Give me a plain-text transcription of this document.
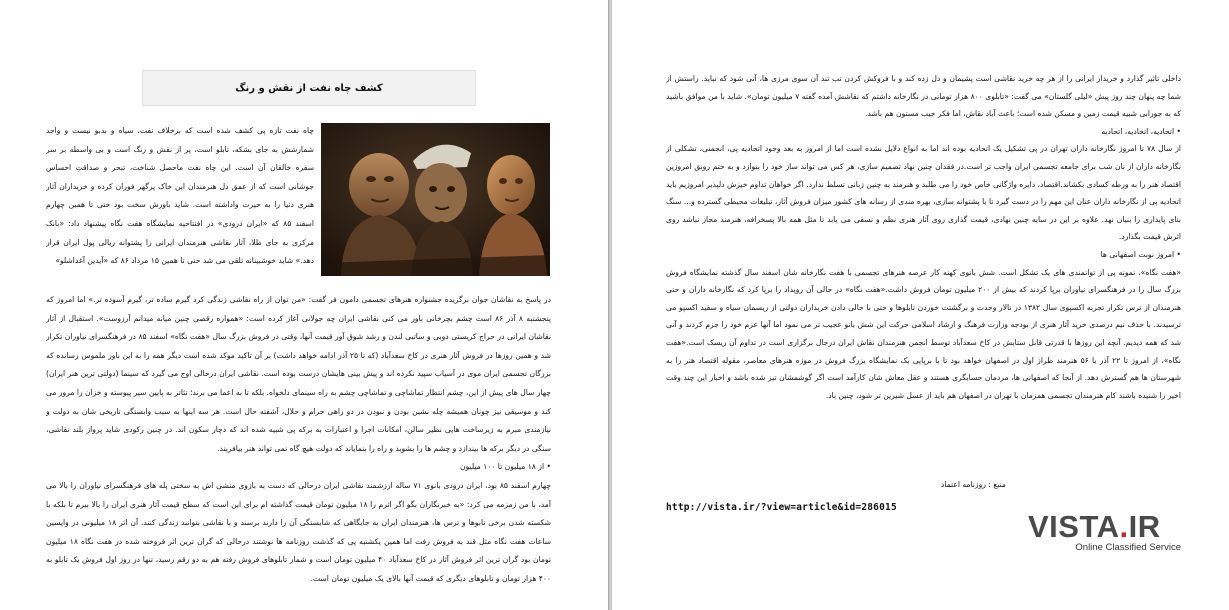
کشف چاه نفت از نقش و رنگ

چاه نفت تازه پی کشف شده است که برخلاف نفت، سیاه و بدبو نیست و واجد شمارشش به جای بشکه، تابلو است، پر از نقش و رنگ است و بی واسطه بر سر سفره خالقان آن است. این چاه نفت ماحصل شناخت، تبحر و صداقتِ احساس جوشانی است که از عمق دل هنرمندان این خاک پرگهر فوران کرده و خریداران آثار هنری دنیا را به حیرت واداشته است. شاید باورش سخت بود حتی تا همین چهارم اسفند ۸۵ که «ایران درودی» در افتتاحیه نمایشگاه هفت نگاه پیشنهاد داد: «بانک مرکزی به جای طلا، آثار نقاشی هنرمندان ایرانی را پشتوانه ریالی پول ایران قرار دهد.» شاید خوشبینانه تلقی می شد حتی تا همین ۱۵ مرداد ۸۶ که «آیدین آغداشلو»

در پاسخ به نقاشان جوان برگزیده جشنواره هنرهای تجسمی دامون فر گفت: «من توان از راه نقاشی زندگی کرد گیرم ساده تر، گیرم آسوده تر.» اما امروز که پنجشنبه ۸ آذر ۸۶ است چشم بچرخانی باور می کنی نقاشی ایران چه جولانی آغاز کرده است: «همواره رقصی چنین میانه میدانم آرزوست». استقبال از آثار نقاشان ایرانی در حراج کریستی دوبی و ساتبی لندن و رشد شوق آور قیمت آنها، وقتی در فروش بزرگ سال «هفت نگاه» اسفند ۸۵ در فرهنگسرای نیاوران تکرار شد و همین روزها در فروش آثار هنری در کاخ سعدآباد (که تا ۲۵ آذر ادامه خواهد داشت) بر آن تاکید موکد شده است دیگر همه را به این باور ملموس رسانده که بزرگان تجسمی ایران موی در آسیاب سپید نکرده اند و پیش بینی هایشان درست بوده است. نقاشی ایران درحالی اوج می گیرد که سینما (دولتی ترین هنر ایران) چهار سال های پیش از این، چشم انتظار تماشاچی و تماشاچی چشم به راه سینمای دلخواه. بلکه تا به اعما می برند؛ تئاتر به پایین سیر پیوسته و خزان را مرور می کند و موسیقی نیز چونان همیشه چله نشین بودن و نبودن در دو راهی حرام و حلال، آشفته حال است. هر سه اینها به سبب وابستگی تاریخی شان به دولت و نیازمندی مبرم به زیرساخت هایی نظیر سالن، امکانات اجرا و اعتبارات به برکه پی شبیه شده اند که دچار سکون اند. در چنین رکودی شاید پرواز بلند نقاشی، سنگی در دیگر برکه ها بیندازد و چشم ها را بشوید و راه را بنمایاند که دولت هیچ گاه نمی تواند هنر بیافریند.

• از ۱۸ میلیون تا ۱۰۰ میلیون

چهارم اسفند ۸۵ بود، ایران درودی بانوی ۷۱ ساله ارزشمند نقاشی ایران درحالی که دست به بازوی منشی اش به سختی پله های فرهنگسرای نیاوران را بالا می آمد، با من زمزمه می کرد: «به خبرنگاران بگو اگر اثرم را ۱۸ میلیون تومان قیمت گذاشته ام برای این است که سطح قیمت آثار هنری ایران را بالا ببرم تا بلکه با شکسته شدن برخی تابوها و ترس ها، هنرمندان ایران به جایگاهی که شایستگی آن را دارند برسند و با نقاشی بتوانند زندگی کنند. آن اثر ۱۸ میلیونی در واپسین ساعات هفت نگاه مثل قند به فروش رفت اما همین یکشنبه پی که گذشت روزنامه ها نوشتند درحالی که گران ترین اثر فروخته شده در هفت نگاه ۱۸ میلیون تومان بود گران ترین اثر فروش آثار در کاخ سعدآباد ۴۰ میلیون تومان است و شمار تابلوهای فروش رفته هم به دو رقم رسید، تنها در روز اول فروش یک تابلو به ۴۰۰ هزار تومان و تابلوهای دیگری که قیمت آنها بالای یک میلیون تومان است.

داخلی تاثیر گذارد و خریدار ایرانی را از هر چه خرید نقاشی است پشیمان و دل زده کند و با فروکش کردن تب تند آن سوی مرزی ها، آتی شود که نباید. راستش از شما چه پنهان چند روز پیش «لیلی گلستان» می گفت: «تابلوی ۸۰۰ هزار تومانی در نگارخانه داشتم که نقاشش آمده گفته ۷ میلیون تومان». شاید با من موافق باشید که به جورابی شبیه قیمت زمین و مسکن شده است؛ باعث آباد نقاش، اما فکر جیب مستون هم باشد.

• اتحادیه، اتحادیه، اتحادیه

از سال ۷۸ تا امروز نگارخانه داران تهران در پی تشکیل یک اتحادیه بوده اند اما به انواع دلایل نشده است اما از امروز به بعد وجود اتحادیه پی، انجمنی، تشکلی از نگارخانه داران از نان شب برای جامعه تجسمی ایران واجب تر است.در فقدان چنین نهاد تصمیم سازی، هر کس می تواند ساز خود را بنوازد و به حتم رونق امروزین اقتصاد هنر را به ورطه کسادی بکشاند.اقتصاد، دایره واژگانی خاص خود را می طلبد و هنرمند به چنین زبانی تسلط ندارد. اگر خواهان تداوم خیزش دلپذیر امروزیم باید اتحادیه پی از نگارخانه داران عنان این مهم را در دست گیرد تا با پشتوانه سازی، بهره مندی از رسانه های کشور میزان فروش آثار، تبلیغات محیطی گسترده و... سنگ بنای پایداری را بنیان نهد. علاوه بر این در سایه چنین نهادی، قیمت گذاری روی آثار هنری نظم و نسقی می یابد تا مثل همه بالا پسخرافه، هنرمند مجاز نباشد روی اثرش قیمت بگذارد.

• امروز نوبت اصفهانی ها

«هفت نگاه»، نمونه پی از توانمندی های یک تشکل است. شش بانوی کهنه کار عرصه هنرهای تجسمی با هفت نگارخانه شان اسفند سال گذشته نمایشگاه فروش بزرگ سال را در فرهنگسرای نیاوران برپا کردند که بیش از ۲۰۰ میلیون تومان فروش داشت.«هفت نگاه» در حالی آن رویداد را برپا کرد که نگارخانه داران و حتی هنرمندان از ترس تکرار تجربه اکسپوی سال ۱۳۸۲ در تالار وحدت و برگشتت خوردن تابلوها و حتی با حالی دادن خریداران دولتی از ریسمان سیاه و سفید اکسپو می ترسیدند. با حذف نیم درصدی خرید آثار هنری از بودجه وزارت فرهنگ و ارشاد اسلامی حرکت این شش بانو عجیب تر می نمود اما آنها عزم خود را جزم کردند و آنی شد که همه دیدیم. آنچه این روزها با قدرتی قابل ستایش در کاخ سعدآباد توسط انجمن هنرمندان نقاش ایران درجال برگزاری است در تداوم آن ریسک است.«هفت نگاه»، از امروز تا ۲۲ آذر با ۵۶ هنرمند طراز اول در اصفهان خواهد بود تا با برپایی یک نمایشگاه بزرگ فروش در موزه هنرهای معاصر، مقوله اقتصاد هنر را به شهرستان ها هم گسترش دهد. از آنجا که اصفهانی ها، مردمان حسابگری هستند و عقل معاش شان کارآمد است اگر گوشمشان تیز شده باشد و اخبار این چند وقت اخیر را شنیده باشند کام هنرمندان تجسمی همزمان با تهران در اصفهان هم باید از عسل شیرین تر شود، چنین باد.

منبع : روزنامه اعتماد
http://vista.ir/?view=article&id=286015
VISTA.IR
Online Classified Service
